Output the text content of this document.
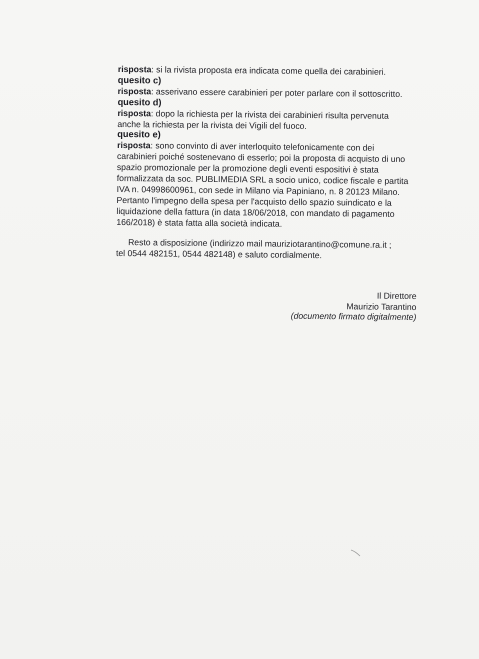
risposta: si la rivista proposta era indicata come quella dei carabinieri.
quesito c)
risposta: asserivano essere carabinieri per poter parlare con il sottoscritto.
quesito d)
risposta: dopo la richiesta per la rivista dei carabinieri risulta pervenuta
anche la richiesta per la rivista dei Vigili del fuoco.
quesito e)
risposta: sono convinto di aver interloquito telefonicamente con dei
carabinieri poiché sostenevano di esserlo; poi la proposta di acquisto di uno
spazio promozionale per la promozione degli eventi espositivi è stata
formalizzata da soc. PUBLIMEDIA SRL a socio unico, codice fiscale e partita
IVA n. 04998600961, con sede in Milano via Papiniano, n. 8 20123 Milano.
Pertanto l'impegno della spesa per l'acquisto dello spazio suindicato e la
liquidazione della fattura (in data 18/06/2018, con mandato di pagamento
166/2018) è stata fatta alla società indicata.
Resto a disposizione (indirizzo mail mauriziotarantino@comune.ra.it ;
tel 0544 482151, 0544 482148) e saluto cordialmente.
Il Direttore
Maurizio Tarantino
(documento firmato digitalmente)
